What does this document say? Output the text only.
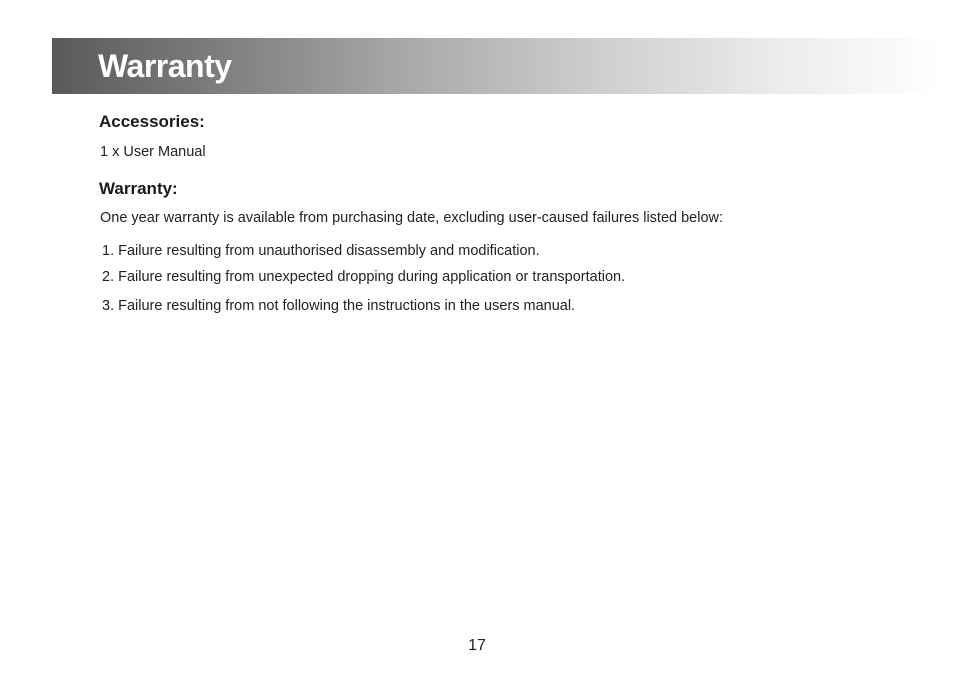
Warranty
Accessories:
1 x User Manual
Warranty:
One year warranty is available from purchasing date, excluding user-caused failures listed below:
1. Failure resulting from unauthorised disassembly and modification.
2. Failure resulting from unexpected dropping during application or transportation.
3. Failure resulting from not following the instructions in the users manual.
17
